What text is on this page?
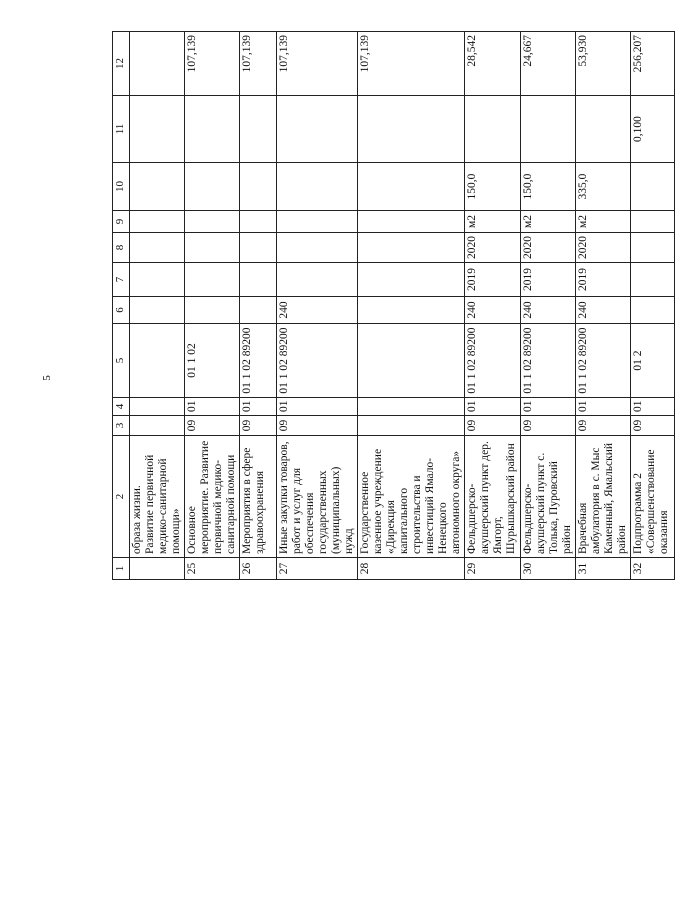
5
1	2	3	4	5	6	7	8	9	10	11	12
	образа жизни. Развитие первичной медико-санитарной помощи»										
25	Основное мероприятие. Развитие первичной медико-санитарной помощи	09	01	01 1 02							107,139
26	Мероприятия в сфере здравоохранения	09	01	01 1 02 89200							107,139
27	Иные закупки товаров, работ и услуг для обеспечения государственных (муниципальных) нужд	09	01	01 1 02 89200	240						107,139
28	Государственное казенное учреждение «Дирекция капитального строительства и инвестиций Ямало-Ненецкого автономного округа»										107,139
29	Фельдшерско-акушерский пункт дер. Ямгорт, Шурышкарский район	09	01	01 1 02 89200	240	2019	2020	м2	150,0		28,542
30	Фельдшерско-акушерский пункт с. Толька, Пуровский район	09	01	01 1 02 89200	240	2019	2020	м2	150,0		24,667
31	Врачебная амбулатория в с. Мыс Каменный, Ямальский район	09	01	01 1 02 89200	240	2019	2020	м2	335,0		53,930
32	Подпрограмма 2 «Совершенствование оказания	09	01	01 2						0,100	256,207
